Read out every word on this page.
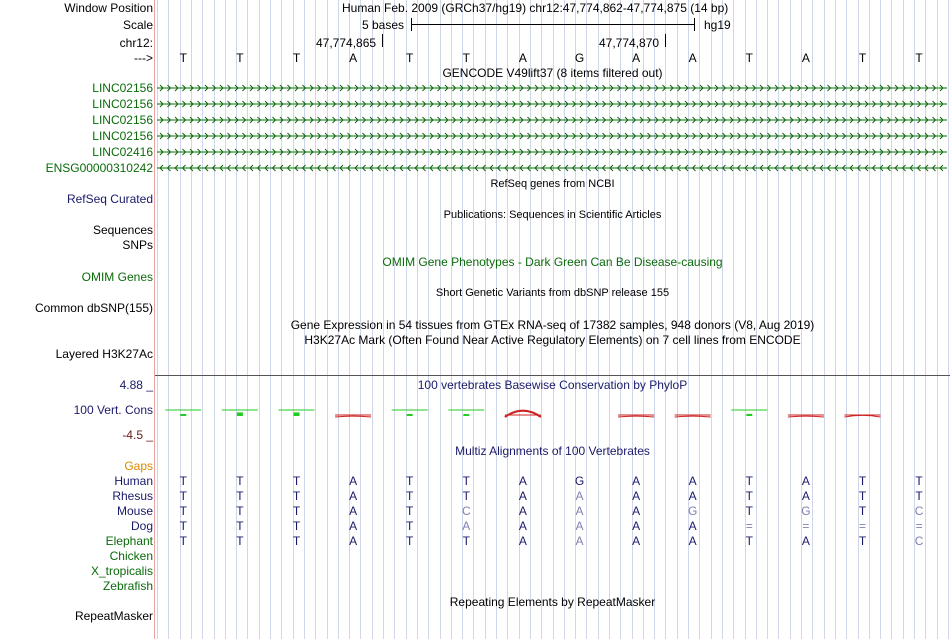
Window Position	Human Feb. 2009 (GRCh37/hg19) chr12:47,774,862-47,774,875 (14 bp)
Scale	5 bases	hg19
chr12:	47,774,865	47,774,870
---> T	T	T	A	T	T	A	G	A	A	T	A	T	T
GENCODE V49lift37 (8 items filtered out)
LINC02156
LINC02156
LINC02156
LINC02156
LINC02416
ENSG00000310242
RefSeq genes from NCBI
RefSeq Curated
Publications: Sequences in Scientific Articles
Sequences
SNPs
OMIM Gene Phenotypes - Dark Green Can Be Disease-causing
OMIM Genes
Short Genetic Variants from dbSNP release 155
Common dbSNP(155)
Gene Expression in 54 tissues from GTEx RNA-seq of 17382 samples, 948 donors (V8, Aug 2019)
H3K27Ac Mark (Often Found Near Active Regulatory Elements) on 7 cell lines from ENCODE
Layered H3K27Ac
100 vertebrates Basewise Conservation by PhyloP
4.88 _
100 Vert. Cons
-4.5 _
Multiz Alignments of 100 Vertebrates
Gaps
Human T	T	T	A	T	T	A	G	A	A	T	A	T	T
Rhesus T	T	T	A	T	T	A	A	A	A	T	A	T	T
Mouse T	T	T	A	T	C	A	A	A	G	T	G	T	C
Dog T	T	T	A	T	A	A	A	A	A	=	=	=	=
Elephant T	T	T	A	T	T	A	A	A	A	T	A	T	C
Chicken
X_tropicalis
Zebrafish
Repeating Elements by RepeatMasker
RepeatMasker
